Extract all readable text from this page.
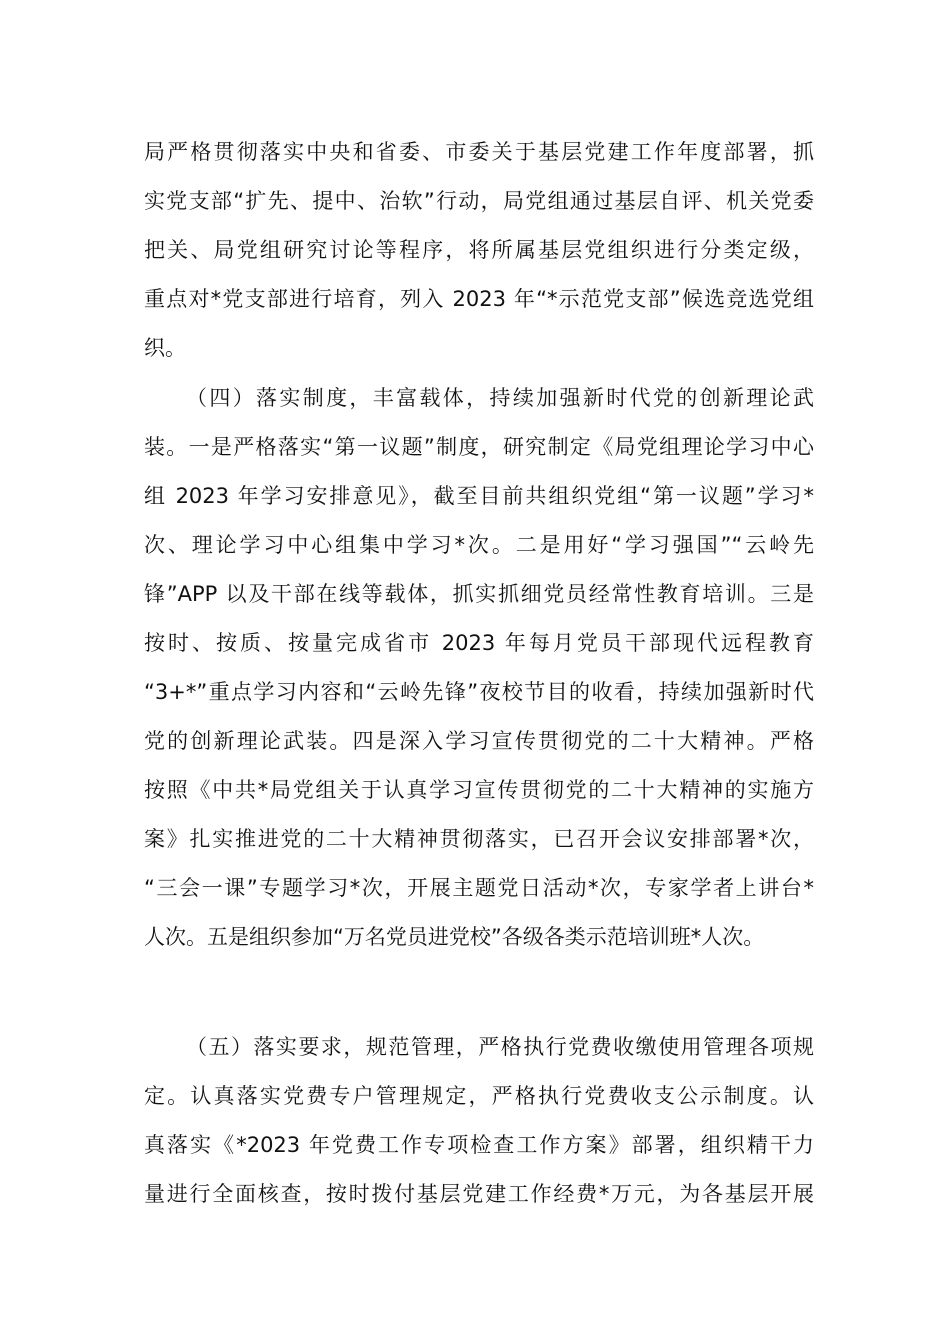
局严格贯彻落实中央和省委、市委关于基层党建工作年度部署，抓
实党支部“扩先、提中、治软”行动，局党组通过基层自评、机关党委
把关、局党组研究讨论等程序，将所属基层党组织进行分类定级，
重点对*党支部进行培育，列入 2023 年“*示范党支部”候选竞选党组
织。
（四）落实制度，丰富载体，持续加强新时代党的创新理论武
装。一是严格落实“第一议题”制度，研究制定《局党组理论学习中心
组 2023 年学习安排意见》，截至目前共组织党组“第一议题”学习*
次、理论学习中心组集中学习*次。二是用好“学习强国”“云岭先
锋”APP 以及干部在线等载体，抓实抓细党员经常性教育培训。三是
按时、按质、按量完成省市 2023 年每月党员干部现代远程教育
“3+*”重点学习内容和“云岭先锋”夜校节目的收看，持续加强新时代
党的创新理论武装。四是深入学习宣传贯彻党的二十大精神。严格
按照《中共*局党组关于认真学习宣传贯彻党的二十大精神的实施方
案》扎实推进党的二十大精神贯彻落实，已召开会议安排部署*次，
“三会一课”专题学习*次，开展主题党日活动*次，专家学者上讲台*
人次。五是组织参加“万名党员进党校”各级各类示范培训班*人次。
（五）落实要求，规范管理，严格执行党费收缴使用管理各项规
定。认真落实党费专户管理规定，严格执行党费收支公示制度。认
真落实《*2023 年党费工作专项检查工作方案》部署，组织精干力
量进行全面核查，按时拨付基层党建工作经费*万元，为各基层开展
